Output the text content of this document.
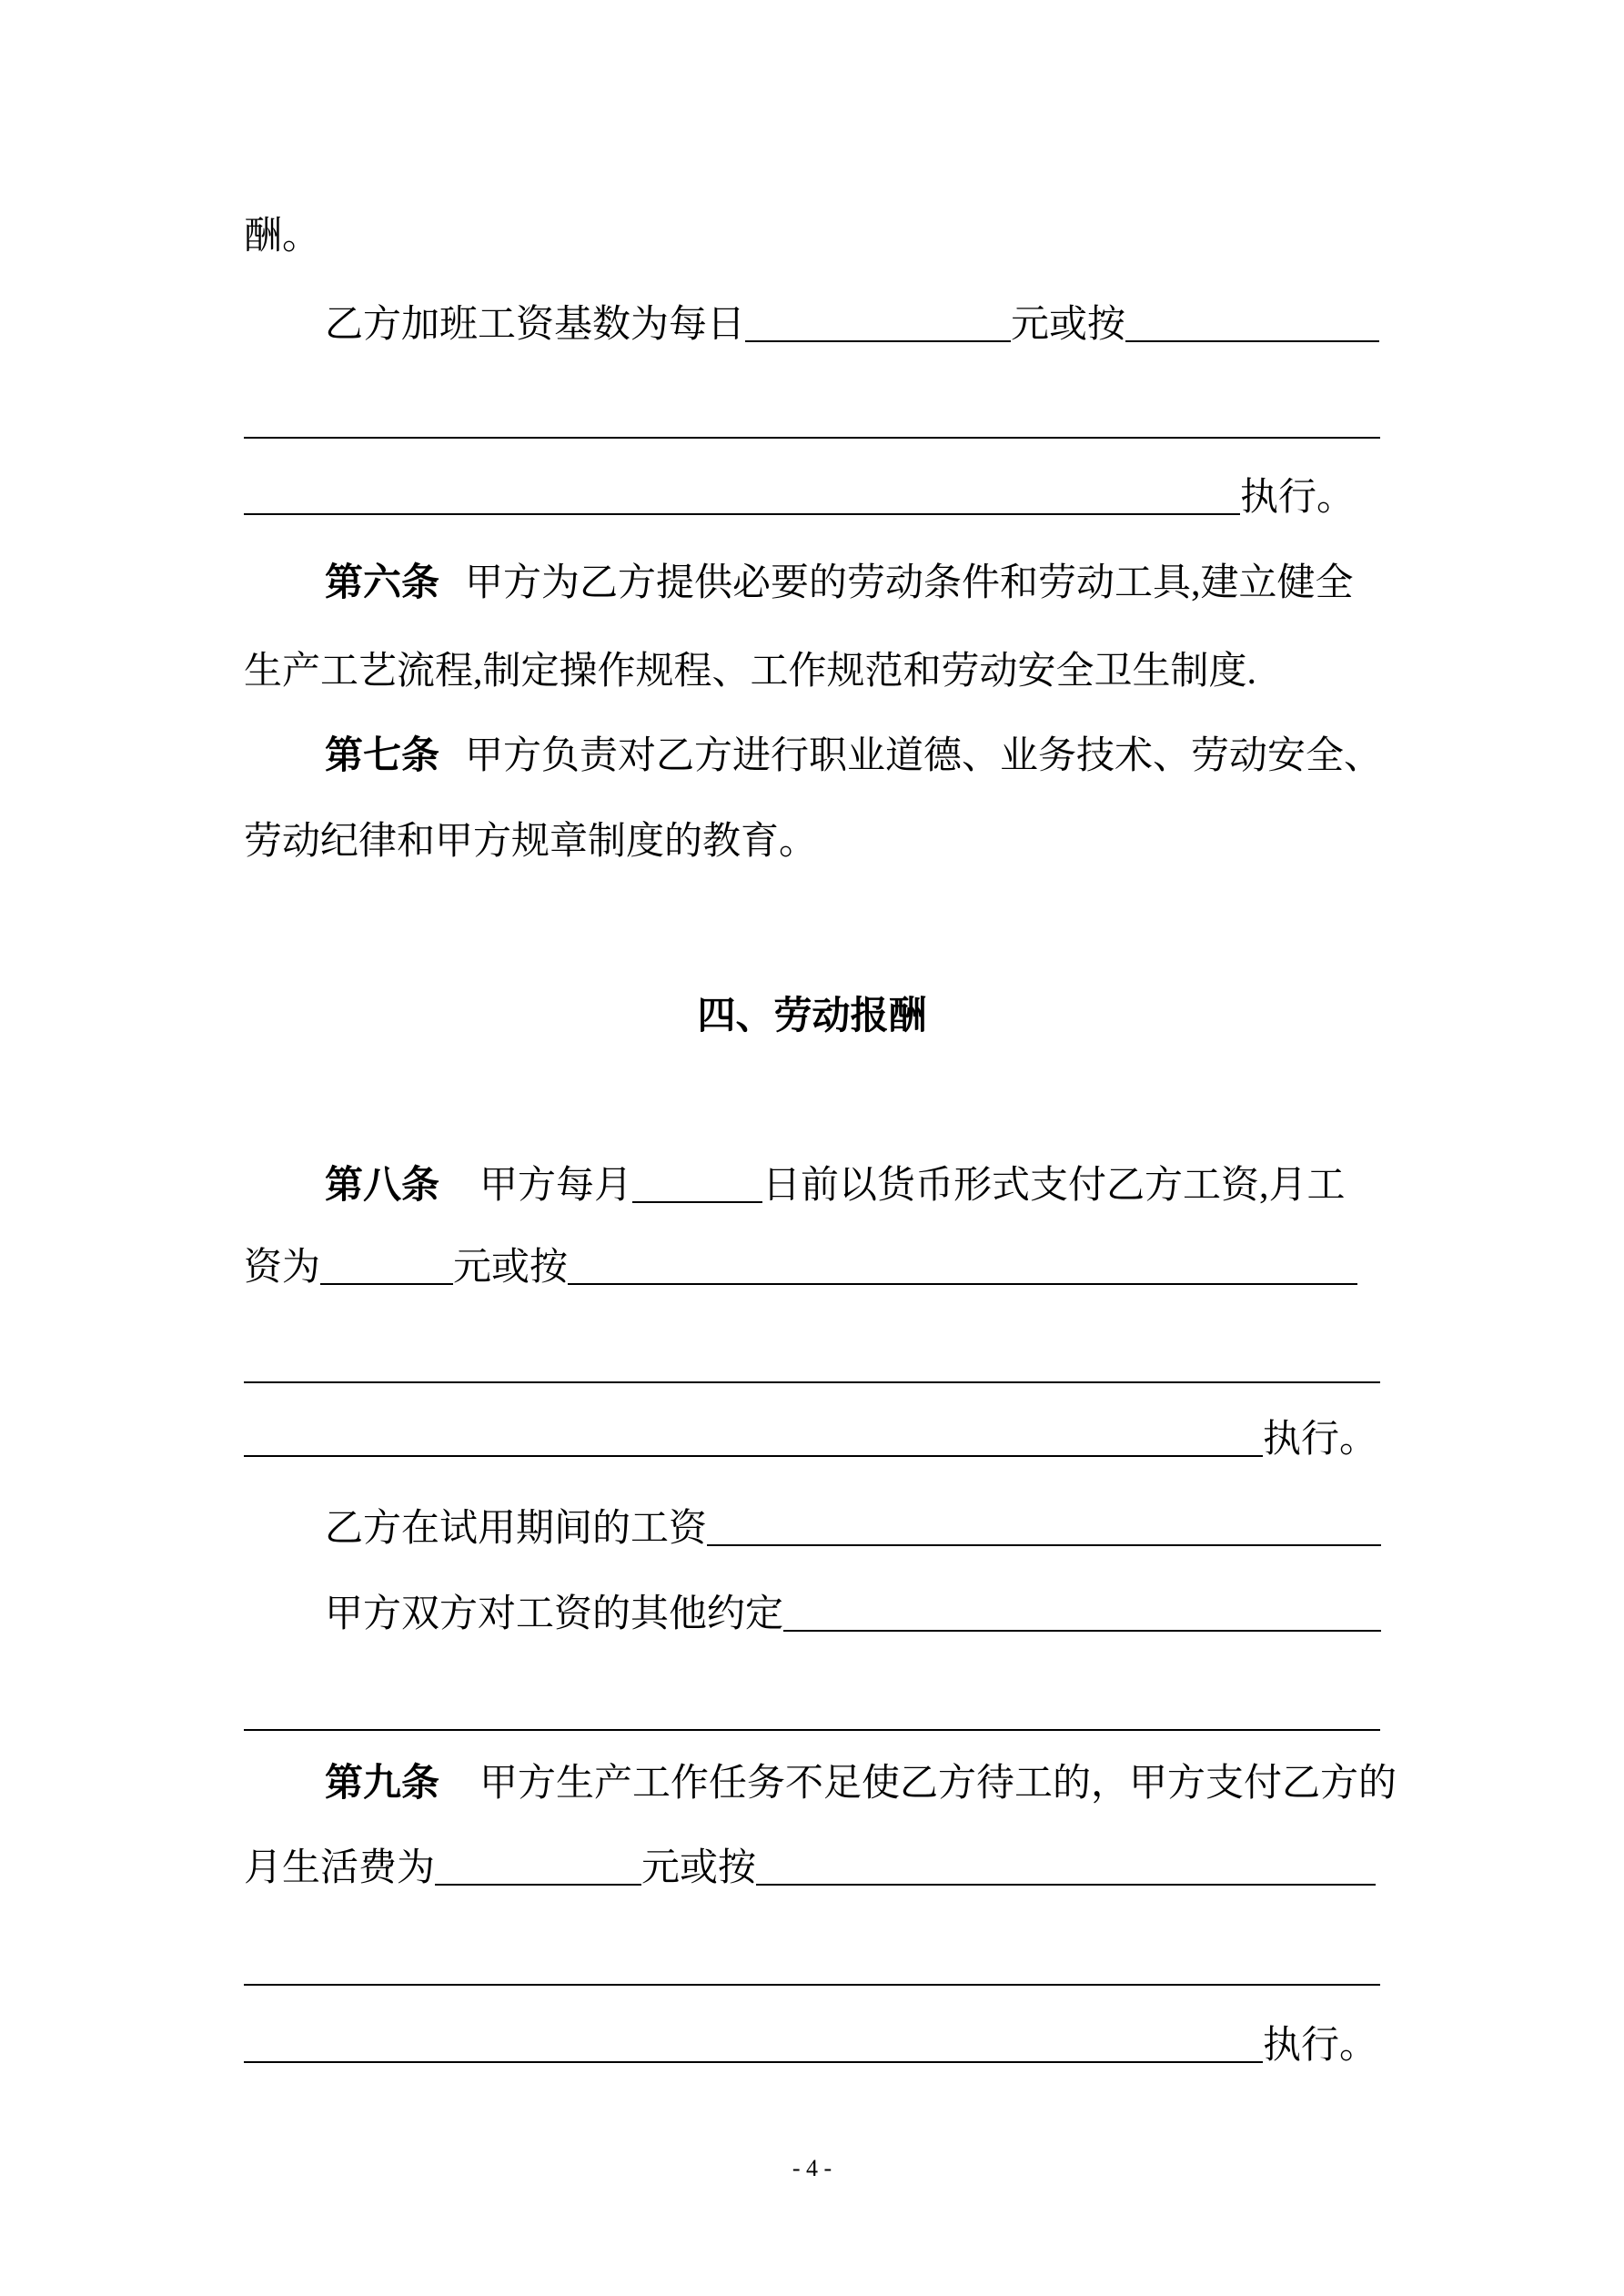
酬。
乙方加班工资基数为每日	元或按
执行。
第六条 甲方为乙方提供必要的劳动条件和劳动工具,建立健全
生产工艺流程,制定操作规程、工作规范和劳动安全卫生制度.
第七条 甲方负责对乙方进行职业道德、业务技术、劳动安全、
劳动纪律和甲方规章制度的教育。
四、劳动报酬
第八条 甲方每月	日前以货币形式支付乙方工资,月工
资为	元或按
执行。
乙方在试用期间的工资
甲方双方对工资的其他约定
第九条 甲方生产工作任务不足使乙方待工的，甲方支付乙方的
月生活费为	元或按
执行。
- 4 -
